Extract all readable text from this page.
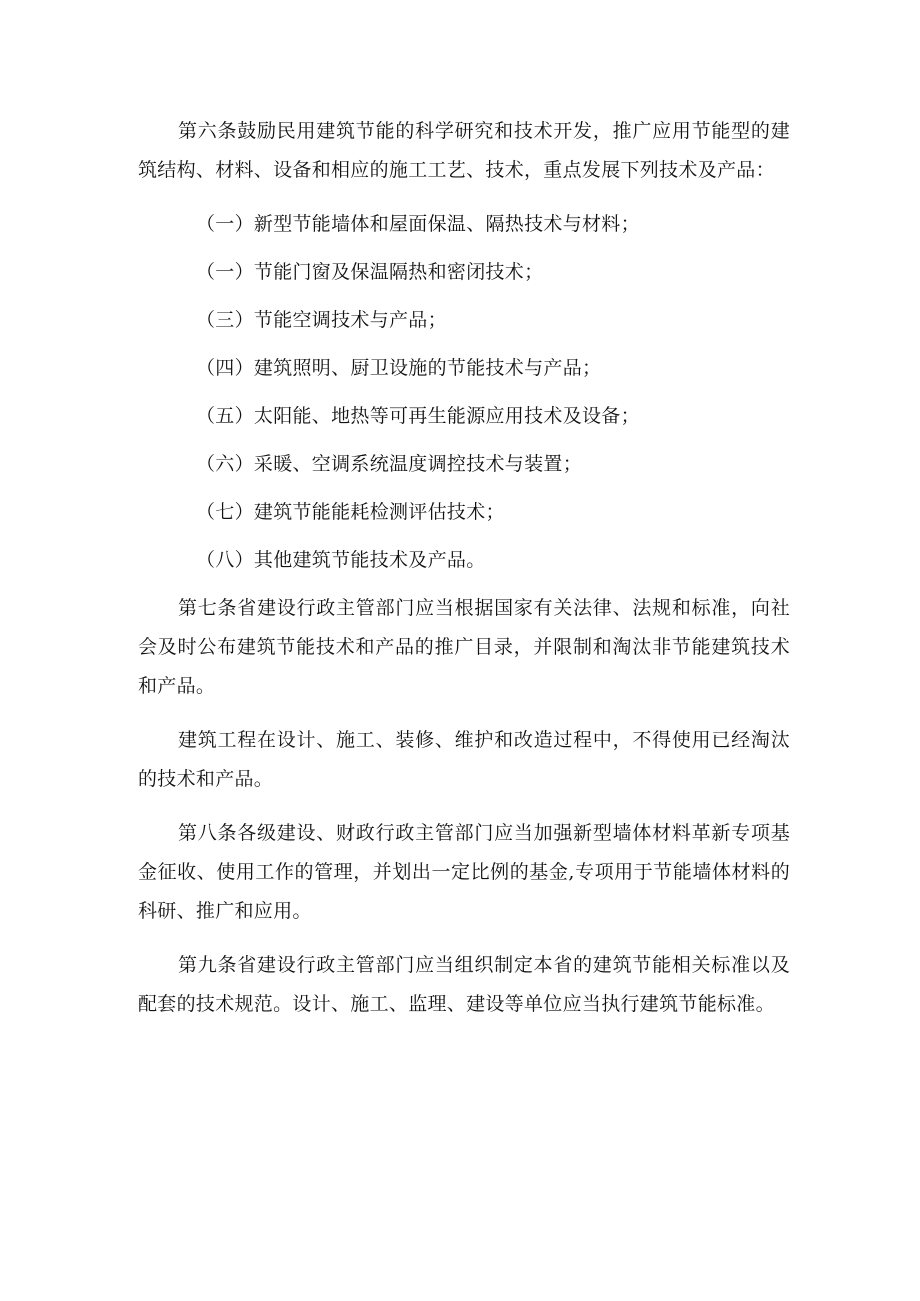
第六条鼓励民用建筑节能的科学研究和技术开发，推广应用节能型的建筑结构、材料、设备和相应的施工工艺、技术，重点发展下列技术及产品：

（一）新型节能墙体和屋面保温、隔热技术与材料；

（一）节能门窗及保温隔热和密闭技术；

（三）节能空调技术与产品；

（四）建筑照明、厨卫设施的节能技术与产品；

（五）太阳能、地热等可再生能源应用技术及设备；

（六）采暖、空调系统温度调控技术与装置；

（七）建筑节能能耗检测评估技术；

（八）其他建筑节能技术及产品。

第七条省建设行政主管部门应当根据国家有关法律、法规和标准，向社会及时公布建筑节能技术和产品的推广目录，并限制和淘汰非节能建筑技术和产品。

建筑工程在设计、施工、装修、维护和改造过程中，不得使用已经淘汰的技术和产品。

第八条各级建设、财政行政主管部门应当加强新型墙体材料革新专项基金征收、使用工作的管理，并划出一定比例的基金,专项用于节能墙体材料的科研、推广和应用。

第九条省建设行政主管部门应当组织制定本省的建筑节能相关标准以及配套的技术规范。设计、施工、监理、建设等单位应当执行建筑节能标准。
